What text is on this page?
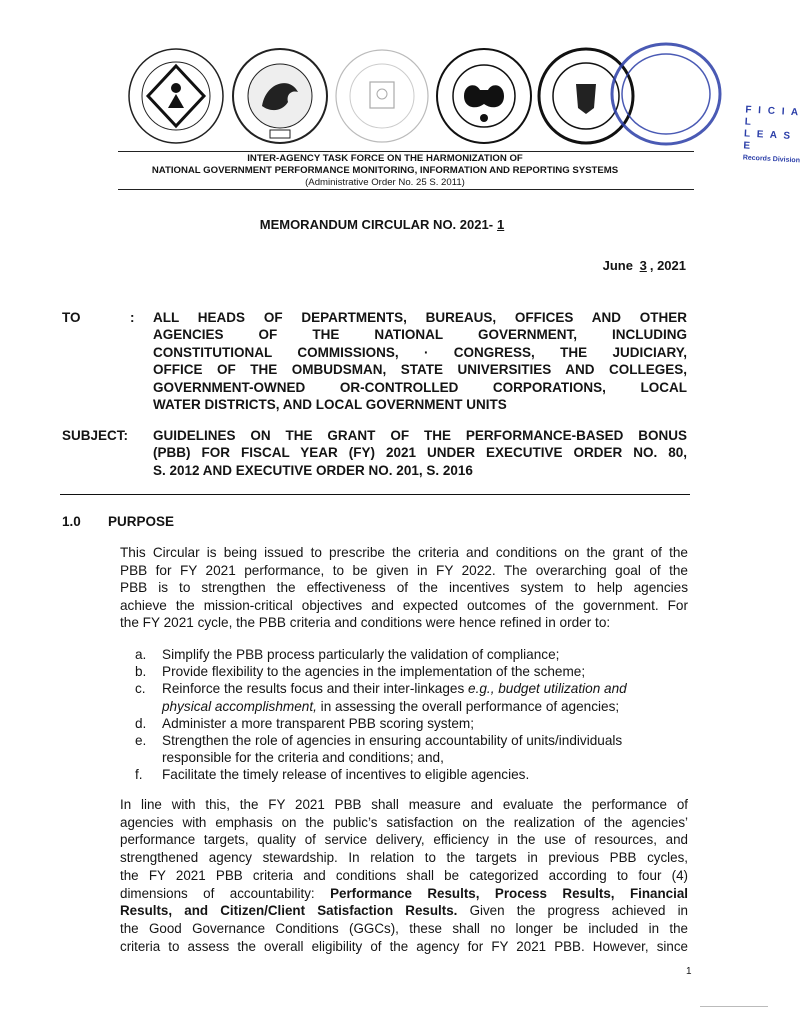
F I C I A L
L E A S E
Records Division
INTER-AGENCY TASK FORCE ON THE HARMONIZATION OF
NATIONAL GOVERNMENT PERFORMANCE MONITORING, INFORMATION AND REPORTING SYSTEMS
(Administrative Order No. 25 S. 2011)
MEMORANDUM CIRCULAR NO. 2021- 1
June 3 , 2021
TO	: ALL HEADS OF DEPARTMENTS, BUREAUS, OFFICES AND OTHER
AGENCIES OF THE NATIONAL GOVERNMENT, INCLUDING
CONSTITUTIONAL COMMISSIONS, · CONGRESS, THE JUDICIARY,
OFFICE OF THE OMBUDSMAN, STATE UNIVERSITIES AND COLLEGES,
GOVERNMENT-OWNED OR-CONTROLLED CORPORATIONS, LOCAL
WATER DISTRICTS, AND LOCAL GOVERNMENT UNITS
SUBJECT: GUIDELINES ON THE GRANT OF THE PERFORMANCE-BASED BONUS
(PBB) FOR FISCAL YEAR (FY) 2021 UNDER EXECUTIVE ORDER NO. 80,
S. 2012 AND EXECUTIVE ORDER NO. 201, S. 2016
1.0 PURPOSE
This Circular is being issued to prescribe the criteria and conditions on the grant of the
PBB for FY 2021 performance, to be given in FY 2022. The overarching goal of the
PBB is to strengthen the effectiveness of the incentives system to help agencies
achieve the mission-critical objectives and expected outcomes of the government. For
the FY 2021 cycle, the PBB criteria and conditions were hence refined in order to:
a. Simplify the PBB process particularly the validation of compliance;
b. Provide flexibility to the agencies in the implementation of the scheme;
c. Reinforce the results focus and their inter-linkages e.g., budget utilization and
physical accomplishment, in assessing the overall performance of agencies;
d. Administer a more transparent PBB scoring system;
e. Strengthen the role of agencies in ensuring accountability of units/individuals
responsible for the criteria and conditions; and,
f. Facilitate the timely release of incentives to eligible agencies.
In line with this, the FY 2021 PBB shall measure and evaluate the performance of
agencies with emphasis on the public’s satisfaction on the realization of the agencies’
performance targets, quality of service delivery, efficiency in the use of resources, and
strengthened agency stewardship. In relation to the targets in previous PBB cycles,
the FY 2021 PBB criteria and conditions shall be categorized according to four (4)
dimensions of accountability: Performance Results, Process Results, Financial
Results, and Citizen/Client Satisfaction Results. Given the progress achieved in
the Good Governance Conditions (GGCs), these shall no longer be included in the
criteria to assess the overall eligibility of the agency for FY 2021 PBB. However, since
1
